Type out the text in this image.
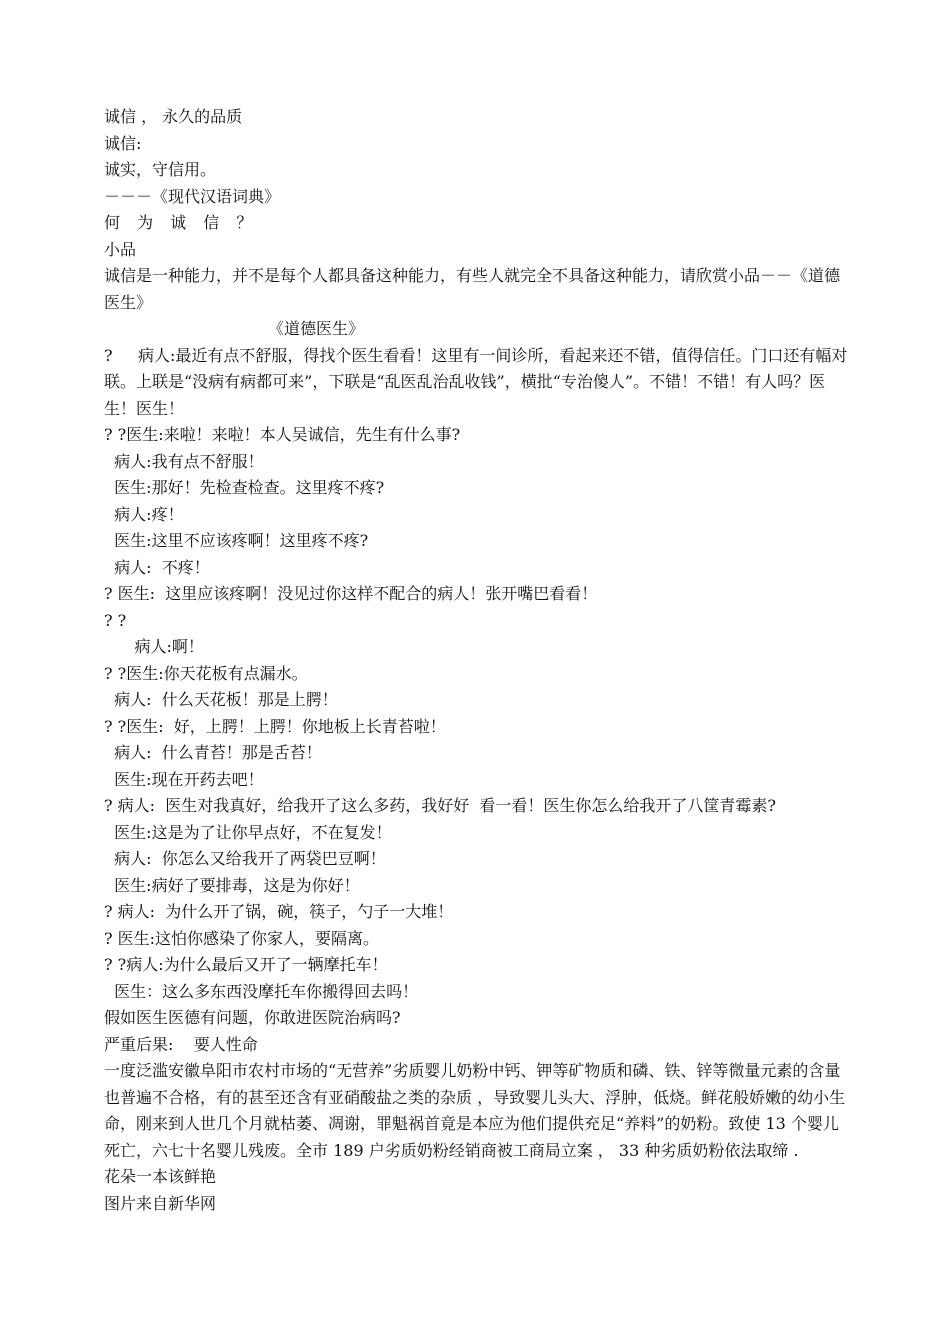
诚信 ， 永久的品质
诚信:
诚实，守信用。
－－－《现代汉语词典》
何 为 诚 信 ？
小品
诚信是一种能力，并不是每个人都具备这种能力，有些人就完全不具备这种能力，请欣赏小品－－《道德医生》
《道德医生》
?     病人:最近有点不舒服，得找个医生看看！这里有一间诊所，看起来还不错，值得信任。门口还有幅对联。上联是“没病有病都可来”，下联是“乱医乱治乱收钱”，横批“专治傻人”。不错！不错！有人吗？医生！医生！
? ?医生:来啦！来啦！本人吴诚信，先生有什么事?
病人:我有点不舒服！
医生:那好！先检查检查。这里疼不疼?
病人:疼！
医生:这里不应该疼啊！这里疼不疼?
病人:  不疼！
? 医生:  这里应该疼啊！没见过你这样不配合的病人！张开嘴巴看看！
? ?
病人:啊！
? ?医生:你天花板有点漏水。
病人:  什么天花板！那是上腭！
? ?医生:  好，上腭！上腭！你地板上长青苔啦！
病人:  什么青苔！那是舌苔！
医生:现在开药去吧！
? 病人:  医生对我真好，给我开了这么多药，我好好  看一看！医生你怎么给我开了八筐青霉素?
医生:这是为了让你早点好，不在复发！
病人:  你怎么又给我开了两袋巴豆啊！
医生:病好了要排毒，这是为你好！
? 病人:  为什么开了锅，碗，筷子，勺子一大堆！
? 医生:这怕你感染了你家人，要隔离。
? ?病人:为什么最后又开了一辆摩托车！
医生：这么多东西没摩托车你搬得回去吗！
假如医生医德有问题，你敢进医院治病吗?
严重后果:    要人性命
一度泛滥安徽阜阳市农村市场的“无营养”劣质婴儿奶粉中钙、钾等矿物质和磷、铁、锌等微量元素的含量也普遍不合格，有的甚至还含有亚硝酸盐之类的杂质 ，导致婴儿头大、浮肿，低烧。鲜花般娇嫩的幼小生命，刚来到人世几个月就枯萎、凋谢，罪魁祸首竟是本应为他们提供充足“养料”的奶粉。致使 13 个婴儿死亡，六七十名婴儿残废。全市 189 户劣质奶粉经销商被工商局立案 ， 33 种劣质奶粉依法取缔 .
花朵一本该鲜艳
图片来自新华网
